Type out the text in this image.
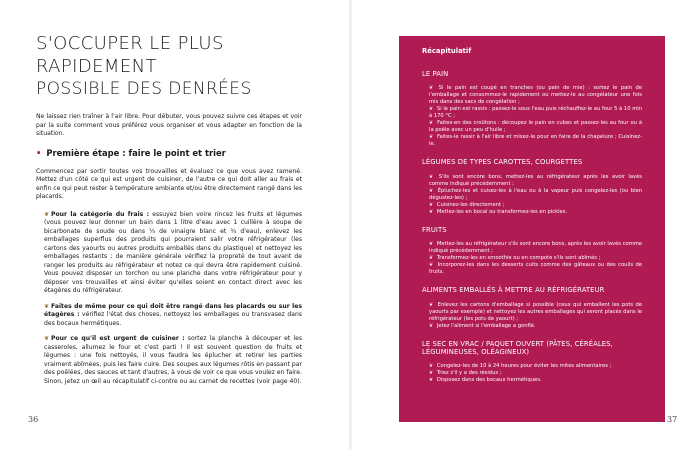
S'OCCUPER LE PLUS RAPIDEMENT
POSSIBLE DES DENRÉES

Ne laissez rien traîner à l'air libre. Pour débuter, vous pouvez suivre ces étapes et voir par la suite comment vous préférez vous organiser et vous adapter en fonction de la situation.

• Première étape : faire le point et trier

Commencez par sortir toutes vos trouvailles et évaluez ce que vous avez ramené. Mettez d'un côté ce qui est urgent de cuisiner, de l'autre ce qui doit aller au frais et enfin ce qui peut rester à température ambiante et/ou être directement rangé dans les placards.

❦ Pour la catégorie du frais : essuyez bien voire rincez les fruits et légumes (vous pouvez leur donner un bain dans 1 litre d'eau avec 1 cuillère à soupe de bicarbonate de soude ou dans ¼ de vinaigre blanc et ¾ d'eau), enlevez les emballages superflus des produits qui pourraient salir votre réfrigérateur (les cartons des yaourts ou autres produits emballés dans du plastique) et nettoyez les emballages restants ; de manière générale vérifiez la propreté de tout avant de ranger les produits au réfrigérateur et notez ce qui devra être rapidement cuisiné. Vous pouvez disposer un torchon ou une planche dans votre réfrigérateur pour y déposer vos trouvailles et ainsi éviter qu'elles soient en contact direct avec les étagères du réfrigérateur.
❦ Faites de même pour ce qui doit être rangé dans les placards ou sur les étagères : vérifiez l'état des choses, nettoyez les emballages ou transvasez dans des bocaux hermétiques.
❦ Pour ce qu'il est urgent de cuisiner : sortez la planche à découper et les casseroles, allumez le four et c'est parti ! Il est souvent question de fruits et légumes : une fois nettoyés, il vous faudra les éplucher et retirer les parties vraiment abîmées, puis les faire cuire. Des soupes aux légumes rôtis en passant par des poêlées, des sauces et tant d'autres, à vous de voir ce que vous voulez en faire. Sinon, jetez un œil au récapitulatif ci-contre ou au carnet de recettes (voir page 40).
36
Récapitulatif
LE PAIN
❦ Si le pain est coupé en tranches (ou pain de mie) : sortez le pain de l'emballage et consommez-le rapidement ou mettez-le au congélateur une fois mis dans des sacs de congélation ;
❦ Si le pain est rassis : passez-le sous l'eau puis réchauffez-le au four 5 à 10 min à 170 °C ;
❦ Faites-en des croûtons : découpez le pain en cubes et passez-les au four ou à la poêle avec un peu d'huile ;
❦ Faites-le rassir à l'air libre et mixez-le pour en faire de la chapelure ; Cuisinez-le.
LÉGUMES DE TYPES CAROTTES, COURGETTES
❦ S'ils sont encore bons, mettez-les au réfrigérateur après les avoir lavés comme indiqué précédemment ;
❦ Épluchez-les et cuisez-les à l'eau ou à la vapeur puis congelez-les (ou bien dégustez-les) ;
❦ Cuisinez-les directement ;
❦ Mettez-les en bocal ou transformez-les en pickles.
FRUITS
❦ Mettez-les au réfrigérateur s'ils sont encore bons, après les avoir lavés comme indiqué précédemment ;
❦ Transformez-les en smoothie ou en compote s'ils sont abîmés ;
❦ Incorporez-les dans les desserts cuits comme des gâteaux ou des coulis de fruits.
ALIMENTS EMBALLÉS À METTRE AU RÉFRIGÉRATEUR
❦ Enlevez les cartons d'emballage si possible (ceux qui emballent les pots de yaourts par exemple) et nettoyez les autres emballages qui seront placés dans le réfrigérateur (les pots de yaourt) ;
❦ Jetez l'aliment si l'emballage a gonflé.
LE SEC EN VRAC / PAQUET OUVERT (PÂTES, CÉRÉALES, LÉGUMINEUSES, OLÉAGINEUX)
❦ Congelez-les de 10 à 24 heures pour éviter les mites alimentaires ;
❦ Triez s'il y a des résidus ;
❦ Disposez dans des bocaux hermétiques.
37
